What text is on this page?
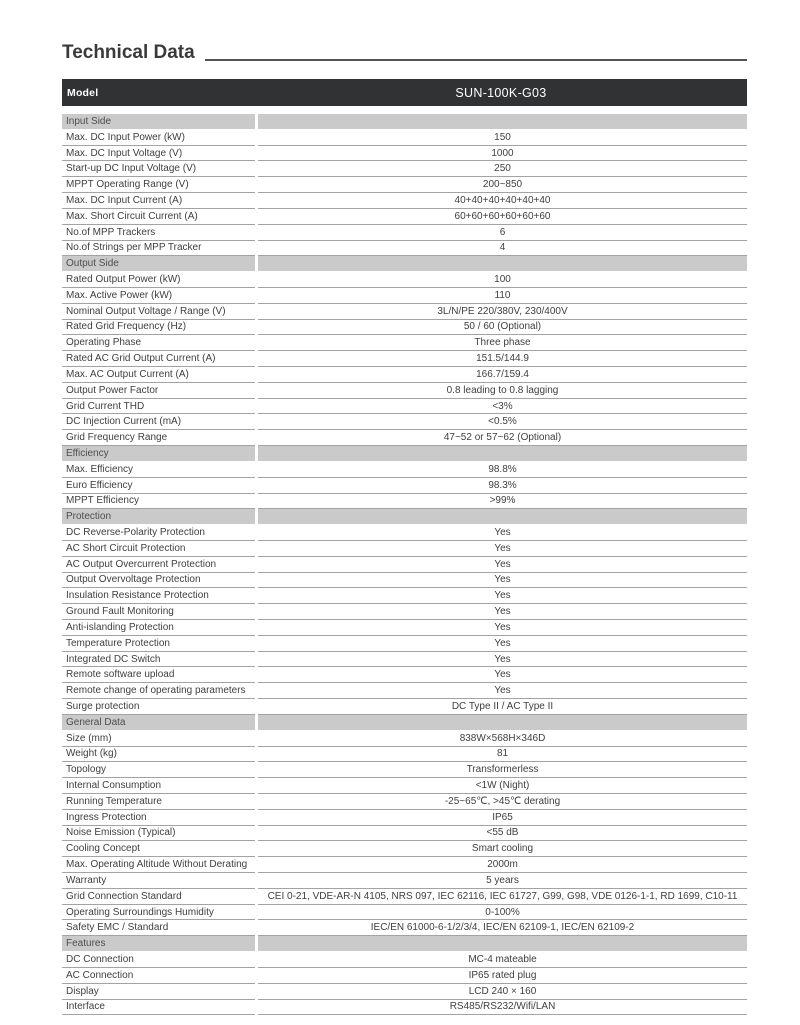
Technical Data
Model	SUN-100K-G03
Input Side
Max. DC Input Power (kW)	150
Max. DC Input Voltage (V)	1000
Start-up DC Input Voltage (V)	250
MPPT Operating Range (V)	200~850
Max. DC Input Current (A)	40+40+40+40+40+40
Max. Short Circuit Current (A)	60+60+60+60+60+60
No.of MPP Trackers	6
No.of Strings per MPP Tracker	4
Output Side
Rated Output Power (kW)	100
Max. Active Power (kW)	110
Nominal Output Voltage / Range (V)	3L/N/PE 220/380V, 230/400V
Rated Grid Frequency (Hz)	50 / 60 (Optional)
Operating Phase	Three phase
Rated AC Grid Output Current (A)	151.5/144.9
Max. AC Output Current (A)	166.7/159.4
Output Power Factor	0.8 leading to 0.8 lagging
Grid Current THD	<3%
DC Injection Current (mA)	<0.5%
Grid Frequency Range	47~52 or 57~62 (Optional)
Efficiency
Max. Efficiency	98.8%
Euro Efficiency	98.3%
MPPT Efficiency	>99%
Protection
DC Reverse-Polarity Protection	Yes
AC Short Circuit Protection	Yes
AC Output Overcurrent Protection	Yes
Output Overvoltage Protection	Yes
Insulation Resistance Protection	Yes
Ground Fault Monitoring	Yes
Anti-islanding Protection	Yes
Temperature Protection	Yes
Integrated DC Switch	Yes
Remote software upload	Yes
Remote change of operating parameters	Yes
Surge protection	DC Type II / AC Type II
General Data
Size (mm)	838W×568H×346D
Weight (kg)	81
Topology	Transformerless
Internal Consumption	<1W (Night)
Running Temperature	-25~65℃, >45℃ derating
Ingress Protection	IP65
Noise Emission (Typical)	<55 dB
Cooling Concept	Smart cooling
Max. Operating Altitude Without Derating	2000m
Warranty	5 years
Grid Connection Standard	CEI 0-21, VDE-AR-N 4105, NRS 097, IEC 62116, IEC 61727, G99, G98, VDE 0126-1-1, RD 1699, C10-11
Operating Surroundings Humidity	0-100%
Safety EMC / Standard	IEC/EN 61000-6-1/2/3/4, IEC/EN 62109-1, IEC/EN 62109-2
Features
DC Connection	MC-4 mateable
AC Connection	IP65 rated plug
Display	LCD 240 × 160
Interface	RS485/RS232/Wifi/LAN
